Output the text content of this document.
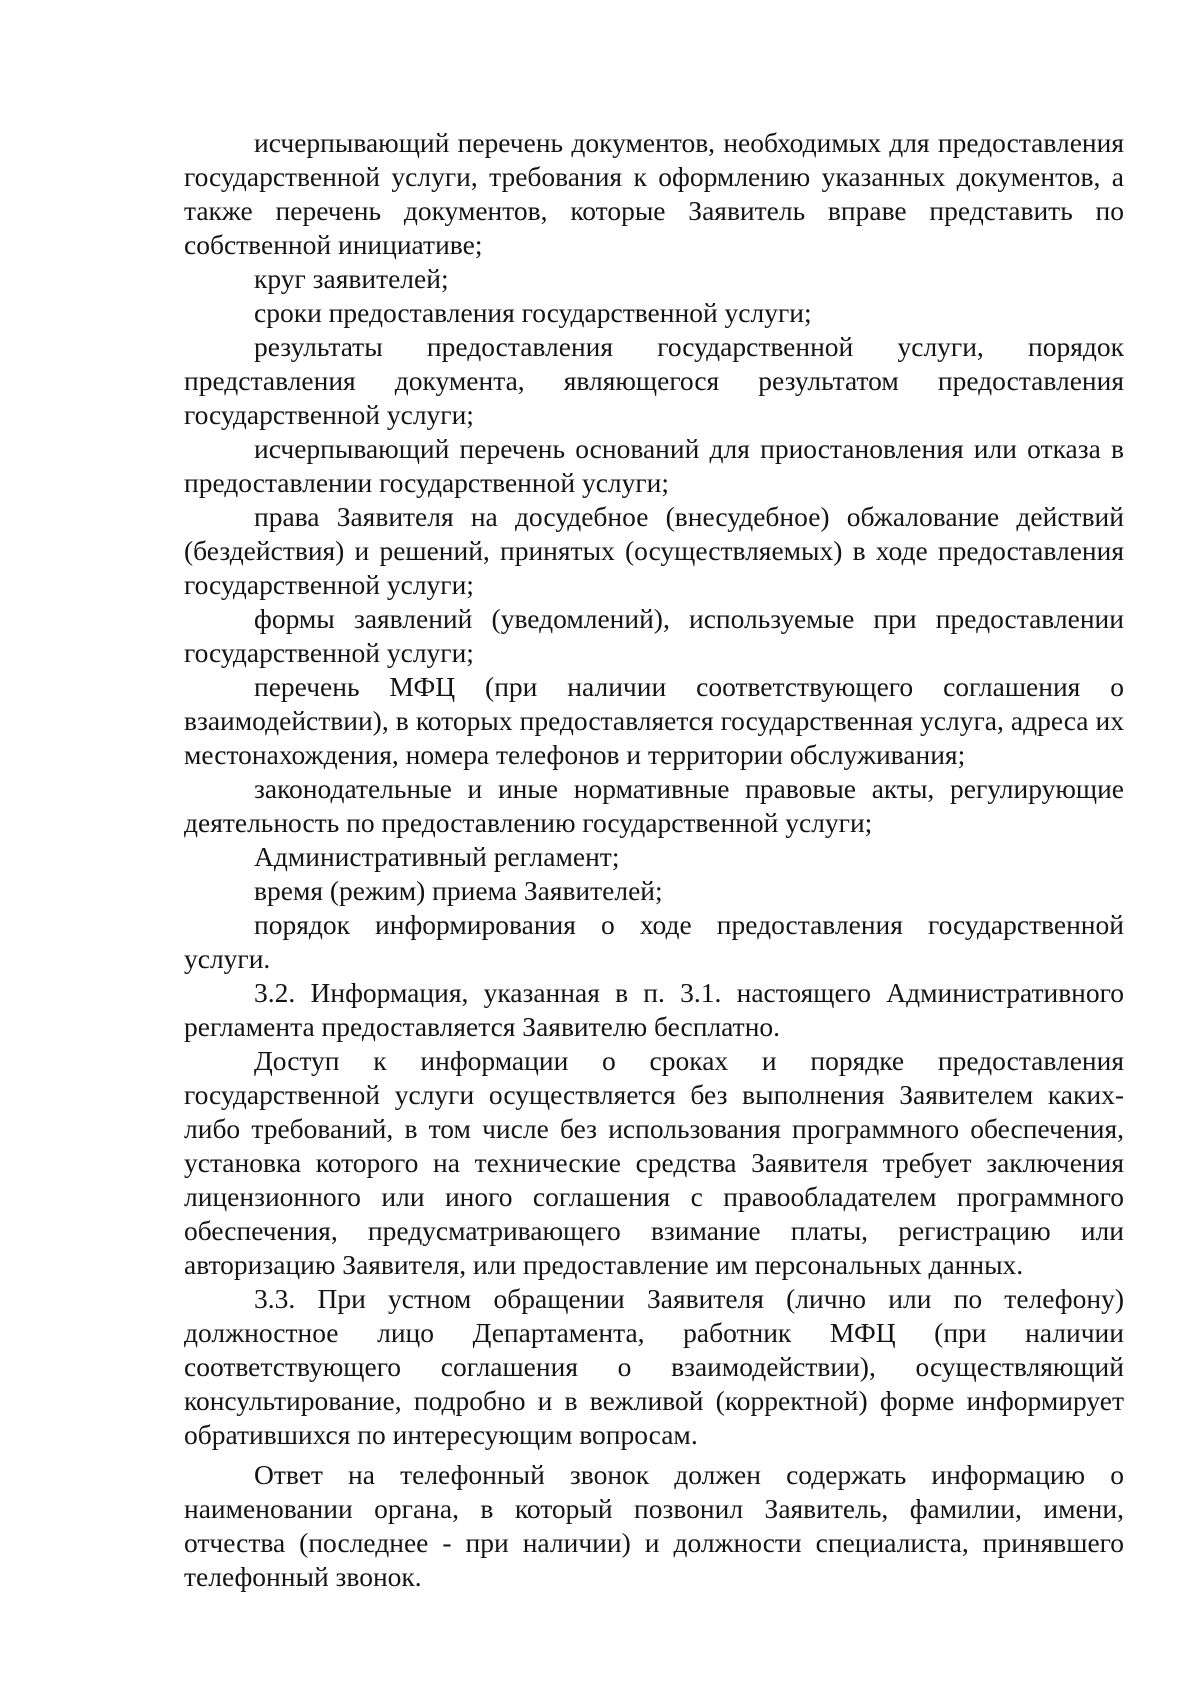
исчерпывающий перечень документов, необходимых для предоставления государственной услуги, требования к оформлению указанных документов, а также перечень документов, которые Заявитель вправе представить по собственной инициативе;

круг заявителей;

сроки предоставления государственной услуги;

результаты предоставления государственной услуги, порядок представления документа, являющегося результатом предоставления государственной услуги;

исчерпывающий перечень оснований для приостановления или отказа в предоставлении государственной услуги;

права Заявителя на досудебное (внесудебное) обжалование действий (бездействия) и решений, принятых (осуществляемых) в ходе предоставления государственной услуги;

формы заявлений (уведомлений), используемые при предоставлении государственной услуги;

перечень МФЦ (при наличии соответствующего соглашения о взаимодействии), в которых предоставляется государственная услуга, адреса их местонахождения, номера телефонов и территории обслуживания;

законодательные и иные нормативные правовые акты, регулирующие деятельность по предоставлению государственной услуги;

Административный регламент;

время (режим) приема Заявителей;

порядок информирования о ходе предоставления государственной услуги.

3.2. Информация, указанная в п. 3.1. настоящего Административного регламента предоставляется Заявителю бесплатно.

Доступ к информации о сроках и порядке предоставления государственной услуги осуществляется без выполнения Заявителем каких-либо требований, в том числе без использования программного обеспечения, установка которого на технические средства Заявителя требует заключения лицензионного или иного соглашения с правообладателем программного обеспечения, предусматривающего взимание платы, регистрацию или авторизацию Заявителя, или предоставление им персональных данных.

3.3. При устном обращении Заявителя (лично или по телефону) должностное лицо Департамента, работник МФЦ (при наличии соответствующего соглашения о взаимодействии), осуществляющий консультирование, подробно и в вежливой (корректной) форме информирует обратившихся по интересующим вопросам.

Ответ на телефонный звонок должен содержать информацию о наименовании органа, в который позвонил Заявитель, фамилии, имени, отчества (последнее - при наличии) и должности специалиста, принявшего телефонный звонок.
